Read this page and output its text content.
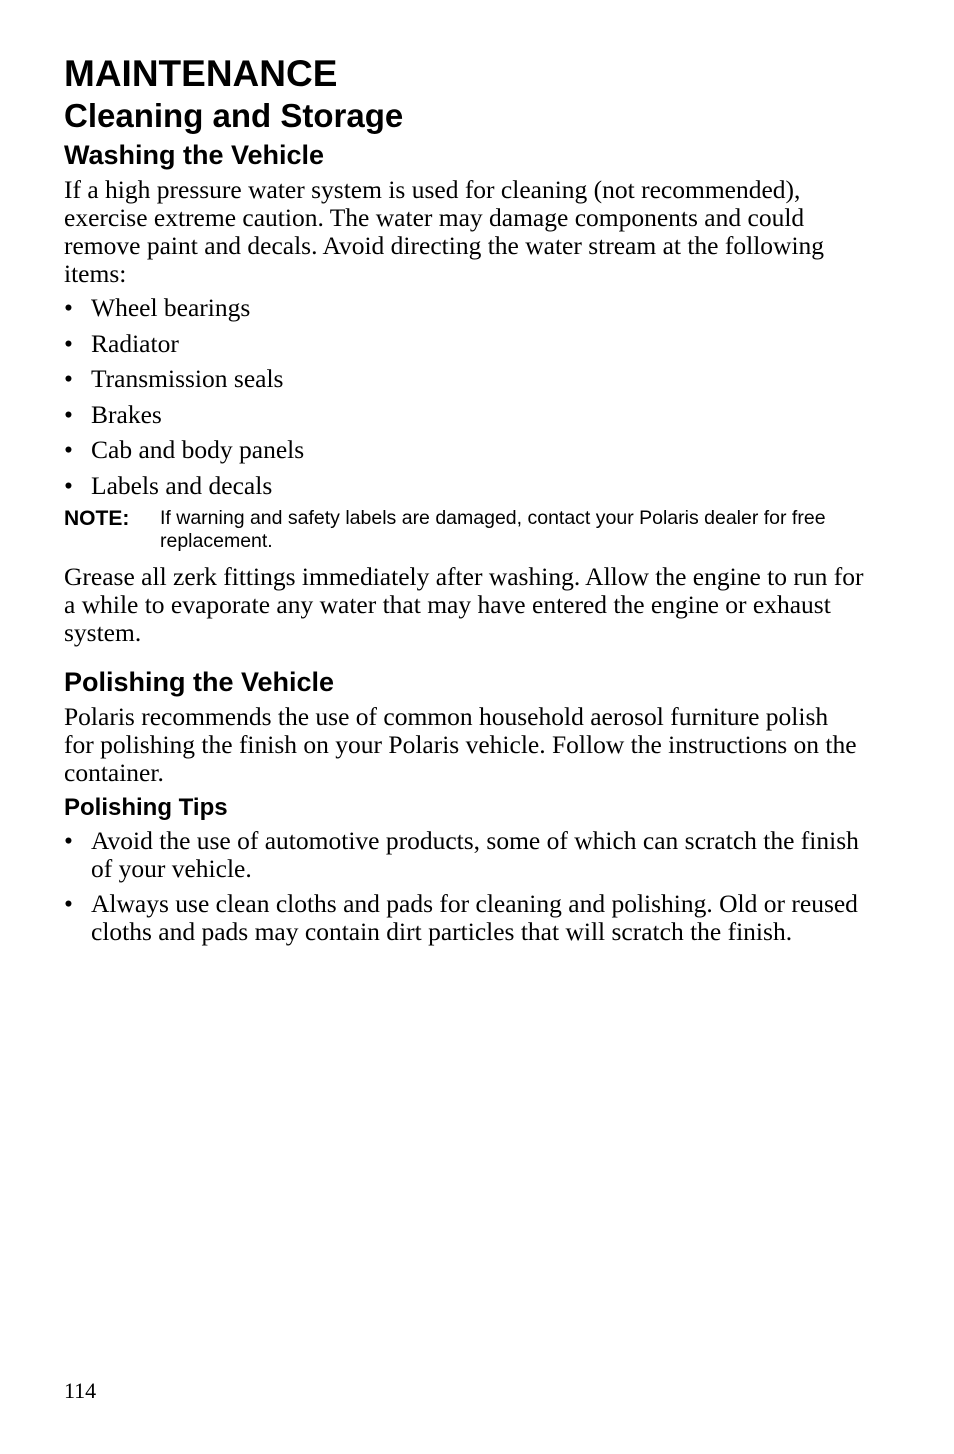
MAINTENANCE
Cleaning and Storage
Washing the Vehicle

If a high pressure water system is used for cleaning (not recommended), exercise extreme caution. The water may damage components and could remove paint and decals. Avoid directing the water stream at the following items:

• Wheel bearings
• Radiator
• Transmission seals
• Brakes
• Cab and body panels
• Labels and decals
NOTE:	If warning and safety labels are damaged, contact your Polaris dealer for free replacement.

Grease all zerk fittings immediately after washing. Allow the engine to run for a while to evaporate any water that may have entered the engine or exhaust system.

Polishing the Vehicle

Polaris recommends the use of common household aerosol furniture polish for polishing the finish on your Polaris vehicle. Follow the instructions on the container.

Polishing Tips
• Avoid the use of automotive products, some of which can scratch the finish of your vehicle.
• Always use clean cloths and pads for cleaning and polishing. Old or reused cloths and pads may contain dirt particles that will scratch the finish.
114
